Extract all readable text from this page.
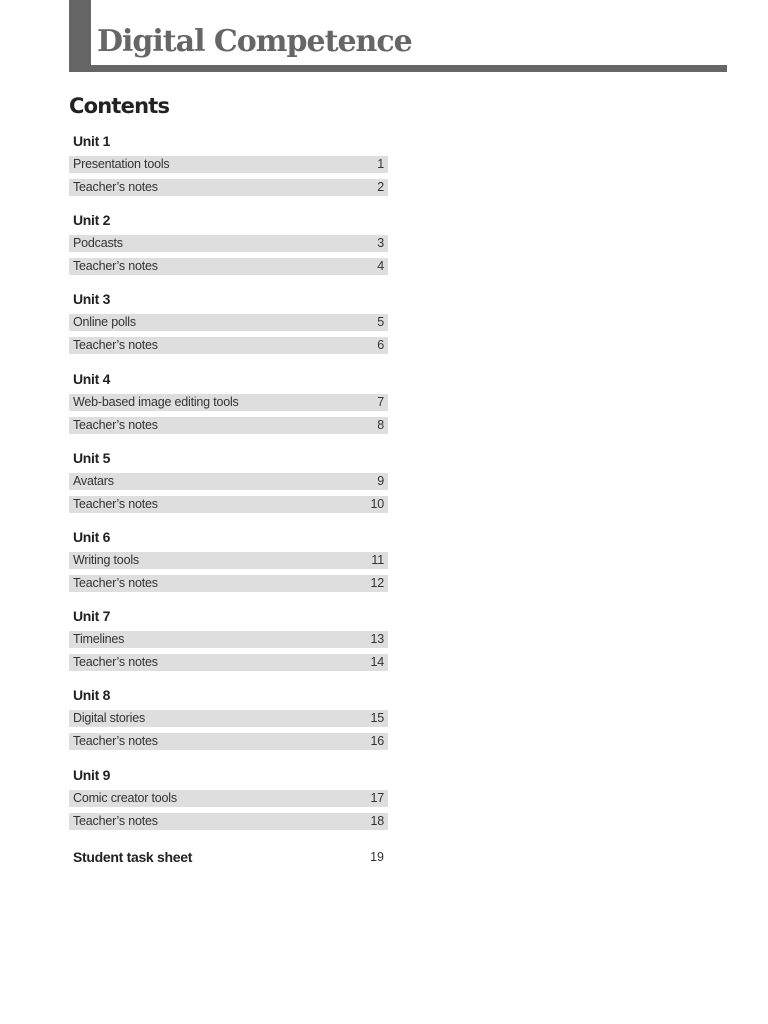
Digital Competence
Contents
Unit 1
Presentation tools	1
Teacher’s notes	2
Unit 2
Podcasts	3
Teacher’s notes	4
Unit 3
Online polls	5
Teacher’s notes	6
Unit 4
Web-based image editing tools	7
Teacher’s notes	8
Unit 5
Avatars	9
Teacher’s notes	10
Unit 6
Writing tools	11
Teacher’s notes	12
Unit 7
Timelines	13
Teacher’s notes	14
Unit 8
Digital stories	15
Teacher’s notes	16
Unit 9
Comic creator tools	17
Teacher’s notes	18
Student task sheet	19
